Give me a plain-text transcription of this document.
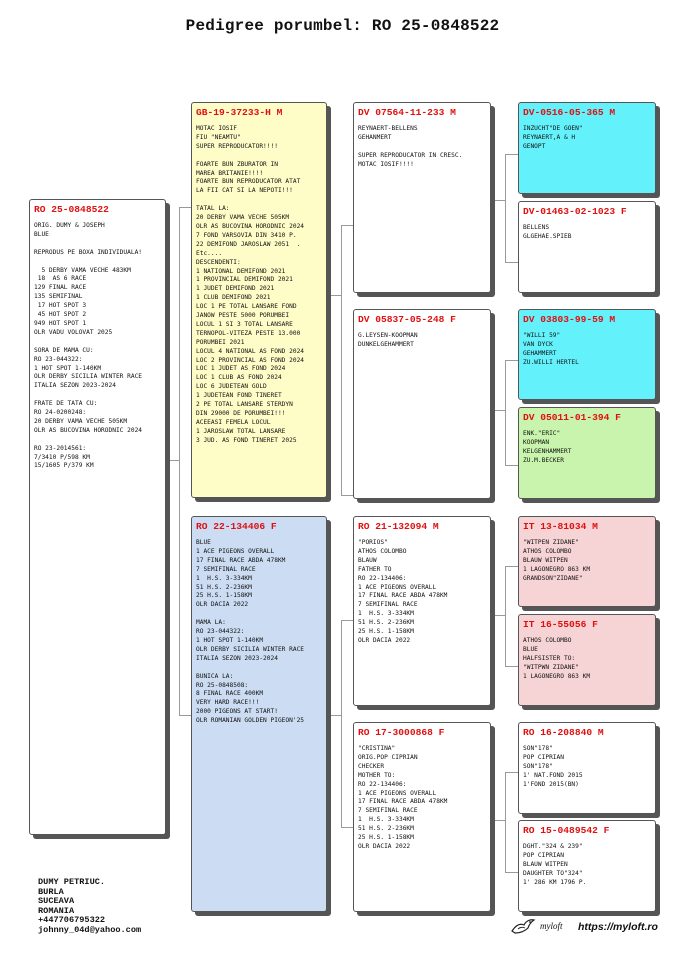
Pedigree porumbel: RO 25-0848522
RO 25-0848522
ORIG. DUMY & JOSEPH
BLUE

REPRODUS PE BOXA INDIVIDUALA!

5 DERBY VAMA VECHE 483KM
18  AS 6 RACE
129 FINAL RACE
135 SEMIFINAL
17 HOT SPOT 3
45 HOT SPOT 2
949 HOT SPOT 1
OLR VADU VOLOVAT 2025

SORA DE MAMA CU:
RO 23-044322:
1 HOT SPOT 1-140KM
OLR DERBY SICILIA WINTER RACE
ITALIA SEZON 2023-2024

FRATE DE TATA CU:
RO 24-0200248:
20 DERBY VAMA VECHE 505KM
OLR AS BUCOVINA HORODNIC 2024

RO 23-2014561:
7/3410 P/598 KM
15/1605 P/379 KM
GB-19-37233-H M
MOTAC IOSIF
FIU "NEAMTU"
SUPER REPRODUCATOR!!!!

FOARTE BUN ZBURATOR IN
MAREA BRITANIE!!!!
FOARTE BUN REPRODUCATOR ATAT
LA FII CAT SI LA NEPOTI!!!

TATAL LA:
20 DERBY VAMA VECHE 505KM
OLR AS BUCOVINA HORODNIC 2024
7 FOND VARSOVIA DIN 3410 P.
22 DEMIFOND JAROSLAW 2051  .
Etc....
DESCENDENTI:
1 NATIONAL DEMIFOND 2021
1 PROVINCIAL DEMIFOND 2021
1 JUDET DEMIFOND 2021
1 CLUB DEMIFOND 2021
LOC 1 PE TOTAL LANSARE FOND
JANOW PESTE 5000 PORUMBEI
LOCUL 1 SI 3 TOTAL LANSARE
TERNOPOL-VITEZA PESTE 13.000
PORUMBEI 2021
LOCUL 4 NATIONAL AS FOND 2024
LOC 2 PROVINCIAL AS FOND 2024
LOC 1 JUDET AS FOND 2024
LOC 1 CLUB AS FOND 2024
LOC 6 JUDETEAN GOLD
1 JUDETEAN FOND TINERET
2 PE TOTAL LANSARE STERDYN
DIN 29000 DE PORUMBEI!!!
ACEEASI FEMELA LOCUL
1 JAROSLAW TOTAL LANSARE
3 JUD. AS FOND TINERET 2025
RO 22-134406 F
BLUE
1 ACE PIGEONS OVERALL
17 FINAL RACE ABDA 478KM
7 SEMIFINAL RACE
1  H.S. 3-334KM
51 H.S. 2-236KM
25 H.S. 1-158KM
OLR DACIA 2022

MAMA LA:
RO 23-044322:
1 HOT SPOT 1-140KM
OLR DERBY SICILIA WINTER RACE
ITALIA SEZON 2023-2024

BUNICA LA:
RO 25-0848508:
8 FINAL RACE 400KM
VERY HARD RACE!!!
2000 PIGEONS AT START!
OLR ROMANIAN GOLDEN PIGEON'25
DV 07564-11-233 M
REYNAERT-BELLENS
GEHANMERT

SUPER REPRODUCATOR IN CRESC.
MOTAC IOSIF!!!!
DV 05837-05-248 F
G.LEYSEN-KOOPMAN
DUNKELGEHAMMERT
RO 21-132094 M
"PORIOS"
ATHOS COLOMBO
BLAUW
FATHER TO
RO 22-134406:
1 ACE PIGEONS OVERALL
17 FINAL RACE ABDA 478KM
7 SEMIFINAL RACE
1  H.S. 3-334KM
51 H.S. 2-236KM
25 H.S. 1-158KM
OLR DACIA 2022
RO 17-3000868 F
"CRISTINA"
ORIG.POP CIPRIAN
CHECKER
MOTHER TO:
RO 22-134406:
1 ACE PIGEONS OVERALL
17 FINAL RACE ABDA 478KM
7 SEMIFINAL RACE
1  H.S. 3-334KM
51 H.S. 2-236KM
25 H.S. 1-158KM
OLR DACIA 2022
DV-0516-05-365 M
INZUCHT"DE GOEN"
REYNAERT,A & H
GENOPT
DV-01463-02-1023 F
BELLENS
GLGEHAE.SPIEB
DV 03803-99-59 M
"WILLI 59"
VAN DYCK
GEHAMMERT
ZU.WILLI HERTEL
DV 05011-01-394 F
ENK."ERIC"
KOOPMAN
KELGENHAMMERT
ZU.M.BECKER
IT 13-81034 M
"WITPEN ZIDANE"
ATHOS COLOMBO
BLAUW WITPEN
1 LAGONEGRO 863 KM
GRANDSON"ZIDANE"
IT 16-55056 F
ATHOS COLOMBO
BLUE
HALFSISTER TO:
"WITPWN ZIDANE"
1 LAGONEGRO 863 KM
RO 16-208840 M
SON"178"
POP CIPRIAN
SON"178"
1' NAT.FOND 2015
1'FOND 2015(BN)
RO 15-0489542 F
DGHT."324 & 239"
POP CIPRIAN
BLAUW WITPEN
DAUGHTER TO"324"
1' 286 KM 1796 P.
DUMY PETRIUC.
BURLA
SUCEAVA
ROMANIA
+447706795322
johnny_04d@yahoo.com	myloft https://myloft.ro
